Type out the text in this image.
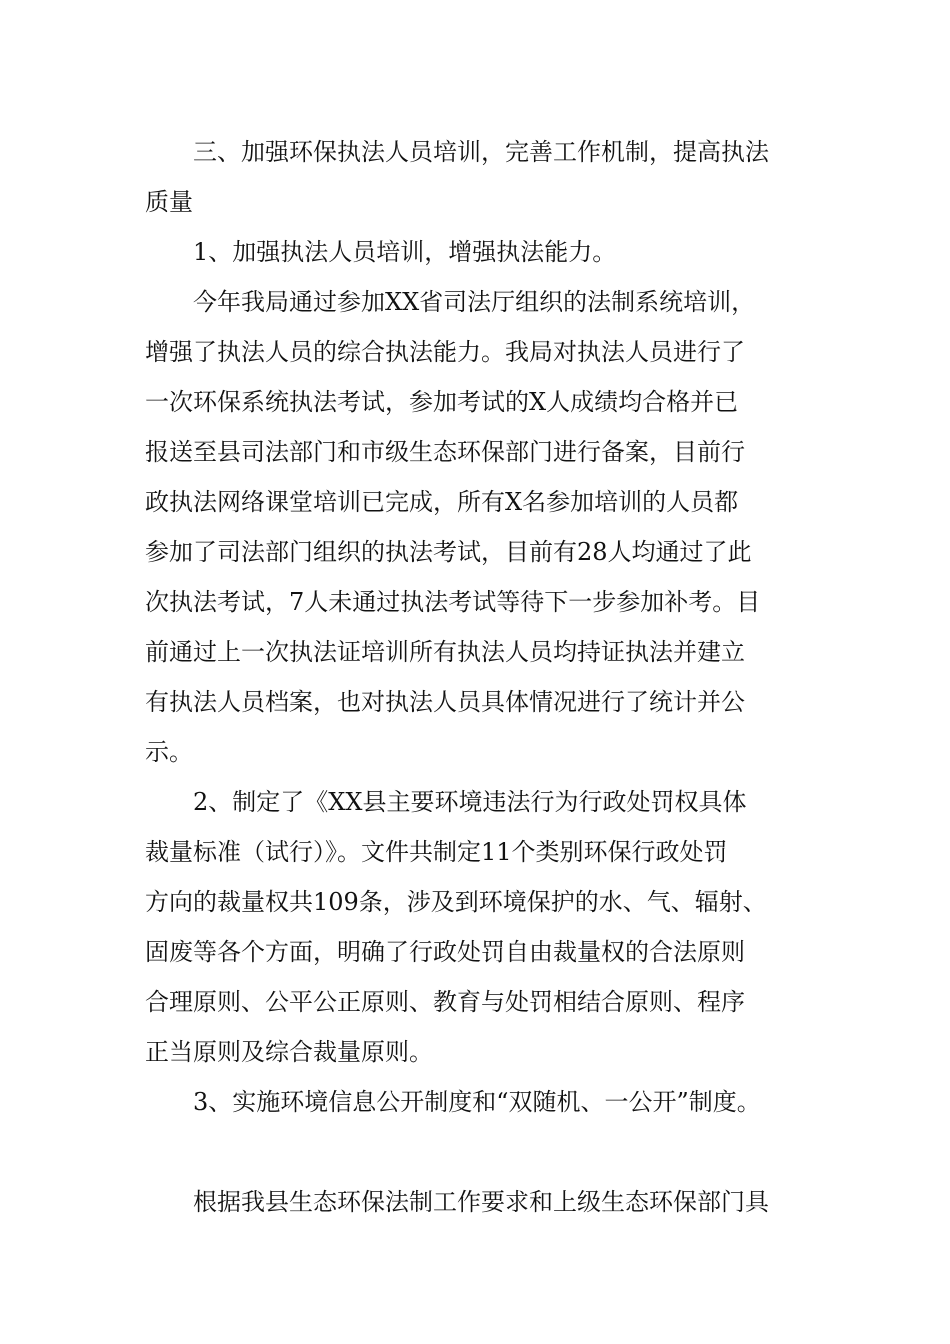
三、加强环保执法人员培训，完善工作机制，提高执法
质量
1、加强执法人员培训，增强执法能力。
今年我局通过参加XX省司法厅组织的法制系统培训，
增强了执法人员的综合执法能力。我局对执法人员进行了
一次环保系统执法考试，参加考试的X人成绩均合格并已
报送至县司法部门和市级生态环保部门进行备案，目前行
政执法网络课堂培训已完成，所有X名参加培训的人员都
参加了司法部门组织的执法考试，目前有28人均通过了此
次执法考试，7人未通过执法考试等待下一步参加补考。目
前通过上一次执法证培训所有执法人员均持证执法并建立
有执法人员档案，也对执法人员具体情况进行了统计并公
示。
2、制定了《XX县主要环境违法行为行政处罚权具体
裁量标准（试行）》。文件共制定11个类别环保行政处罚
方向的裁量权共109条，涉及到环境保护的水、气、辐射、
固废等各个方面，明确了行政处罚自由裁量权的合法原则
合理原则、公平公正原则、教育与处罚相结合原则、程序
正当原则及综合裁量原则。
3、实施环境信息公开制度和“双随机、一公开”制度。
根据我县生态环保法制工作要求和上级生态环保部门具
